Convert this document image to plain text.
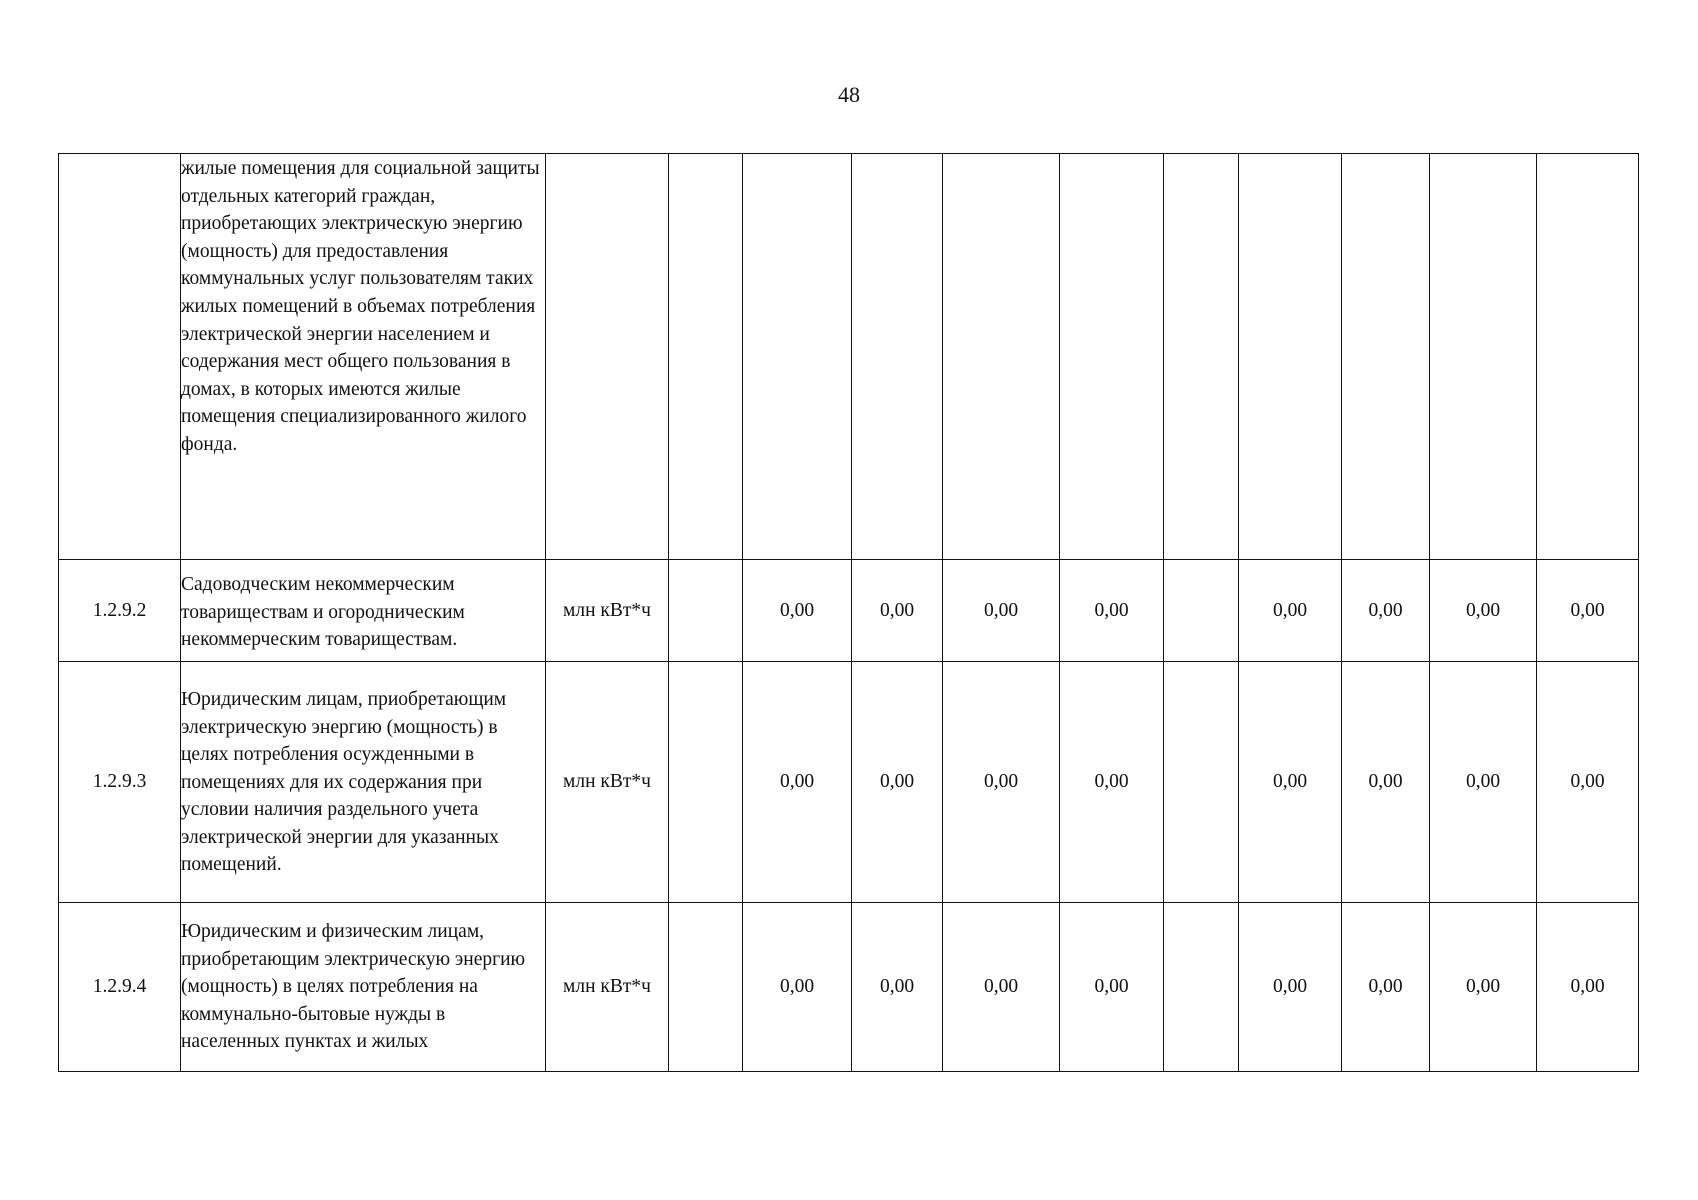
48
	жилые помещения для социальной защиты отдельных категорий граждан, приобретающих электрическую энергию (мощность) для предоставления коммунальных услуг пользователям таких жилых помещений в объемах потребления электрической энергии населением и содержания мест общего пользования в домах, в которых имеются жилые помещения специализированного жилого фонда.											
1.2.9.2	Садоводческим некоммерческим товариществам и огородническим некоммерческим товариществам.	млн кВт*ч		0,00	0,00	0,00	0,00		0,00	0,00	0,00	0,00
1.2.9.3	Юридическим лицам, приобретающим электрическую энергию (мощность) в целях потребления осужденными в помещениях для их содержания при условии наличия раздельного учета электрической энергии для указанных помещений.	млн кВт*ч		0,00	0,00	0,00	0,00		0,00	0,00	0,00	0,00
1.2.9.4	Юридическим и физическим лицам, приобретающим электрическую энергию (мощность) в целях потребления на коммунально-бытовые нужды в населенных пунктах и жилых	млн кВт*ч		0,00	0,00	0,00	0,00		0,00	0,00	0,00	0,00
